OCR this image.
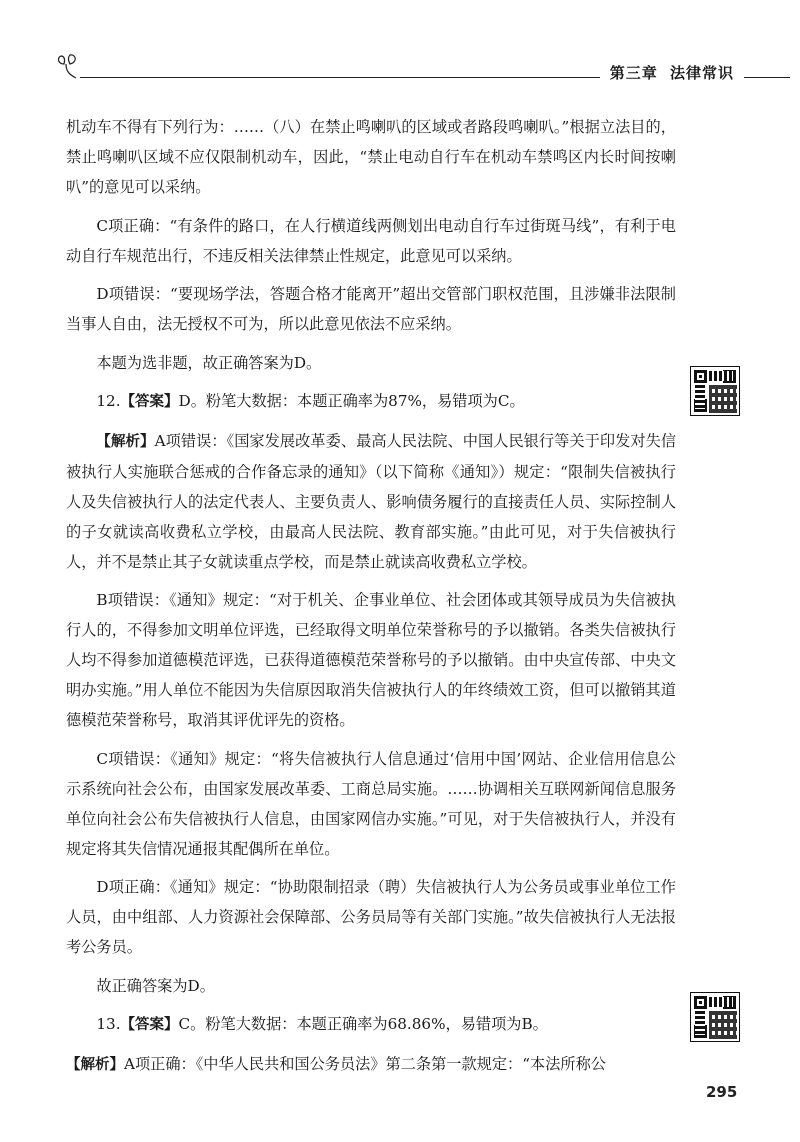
第三章 法律常识

机动车不得有下列行为：……（八）在禁止鸣喇叭的区域或者路段鸣喇叭。”根据立法目的，禁止鸣喇叭区域不应仅限制机动车，因此，“禁止电动自行车在机动车禁鸣区内长时间按喇叭”的意见可以采纳。

C项正确：“有条件的路口，在人行横道线两侧划出电动自行车过街斑马线”，有利于电动自行车规范出行，不违反相关法律禁止性规定，此意见可以采纳。

D项错误：“要现场学法，答题合格才能离开”超出交管部门职权范围，且涉嫌非法限制当事人自由，法无授权不可为，所以此意见依法不应采纳。

本题为选非题，故正确答案为D。

12.【答案】D。粉笔大数据：本题正确率为87%，易错项为C。

【解析】A项错误：《国家发展改革委、最高人民法院、中国人民银行等关于印发对失信被执行人实施联合惩戒的合作备忘录的通知》（以下简称《通知》）规定：“限制失信被执行人及失信被执行人的法定代表人、主要负责人、影响债务履行的直接责任人员、实际控制人的子女就读高收费私立学校，由最高人民法院、教育部实施。”由此可见，对于失信被执行人，并不是禁止其子女就读重点学校，而是禁止就读高收费私立学校。

B项错误：《通知》规定：“对于机关、企事业单位、社会团体或其领导成员为失信被执行人的，不得参加文明单位评选，已经取得文明单位荣誉称号的予以撤销。各类失信被执行人均不得参加道德模范评选，已获得道德模范荣誉称号的予以撤销。由中央宣传部、中央文明办实施。”用人单位不能因为失信原因取消失信被执行人的年终绩效工资，但可以撤销其道德模范荣誉称号，取消其评优评先的资格。

C项错误：《通知》规定：“将失信被执行人信息通过‘信用中国’网站、企业信用信息公示系统向社会公布，由国家发展改革委、工商总局实施。……协调相关互联网新闻信息服务单位向社会公布失信被执行人信息，由国家网信办实施。”可见，对于失信被执行人，并没有规定将其失信情况通报其配偶所在单位。

D项正确：《通知》规定：“协助限制招录（聘）失信被执行人为公务员或事业单位工作人员，由中组部、人力资源社会保障部、公务员局等有关部门实施。”故失信被执行人无法报考公务员。

故正确答案为D。

13.【答案】C。粉笔大数据：本题正确率为68.86%，易错项为B。

【解析】A项正确：《中华人民共和国公务员法》第二条第一款规定：“本法所称公

295
